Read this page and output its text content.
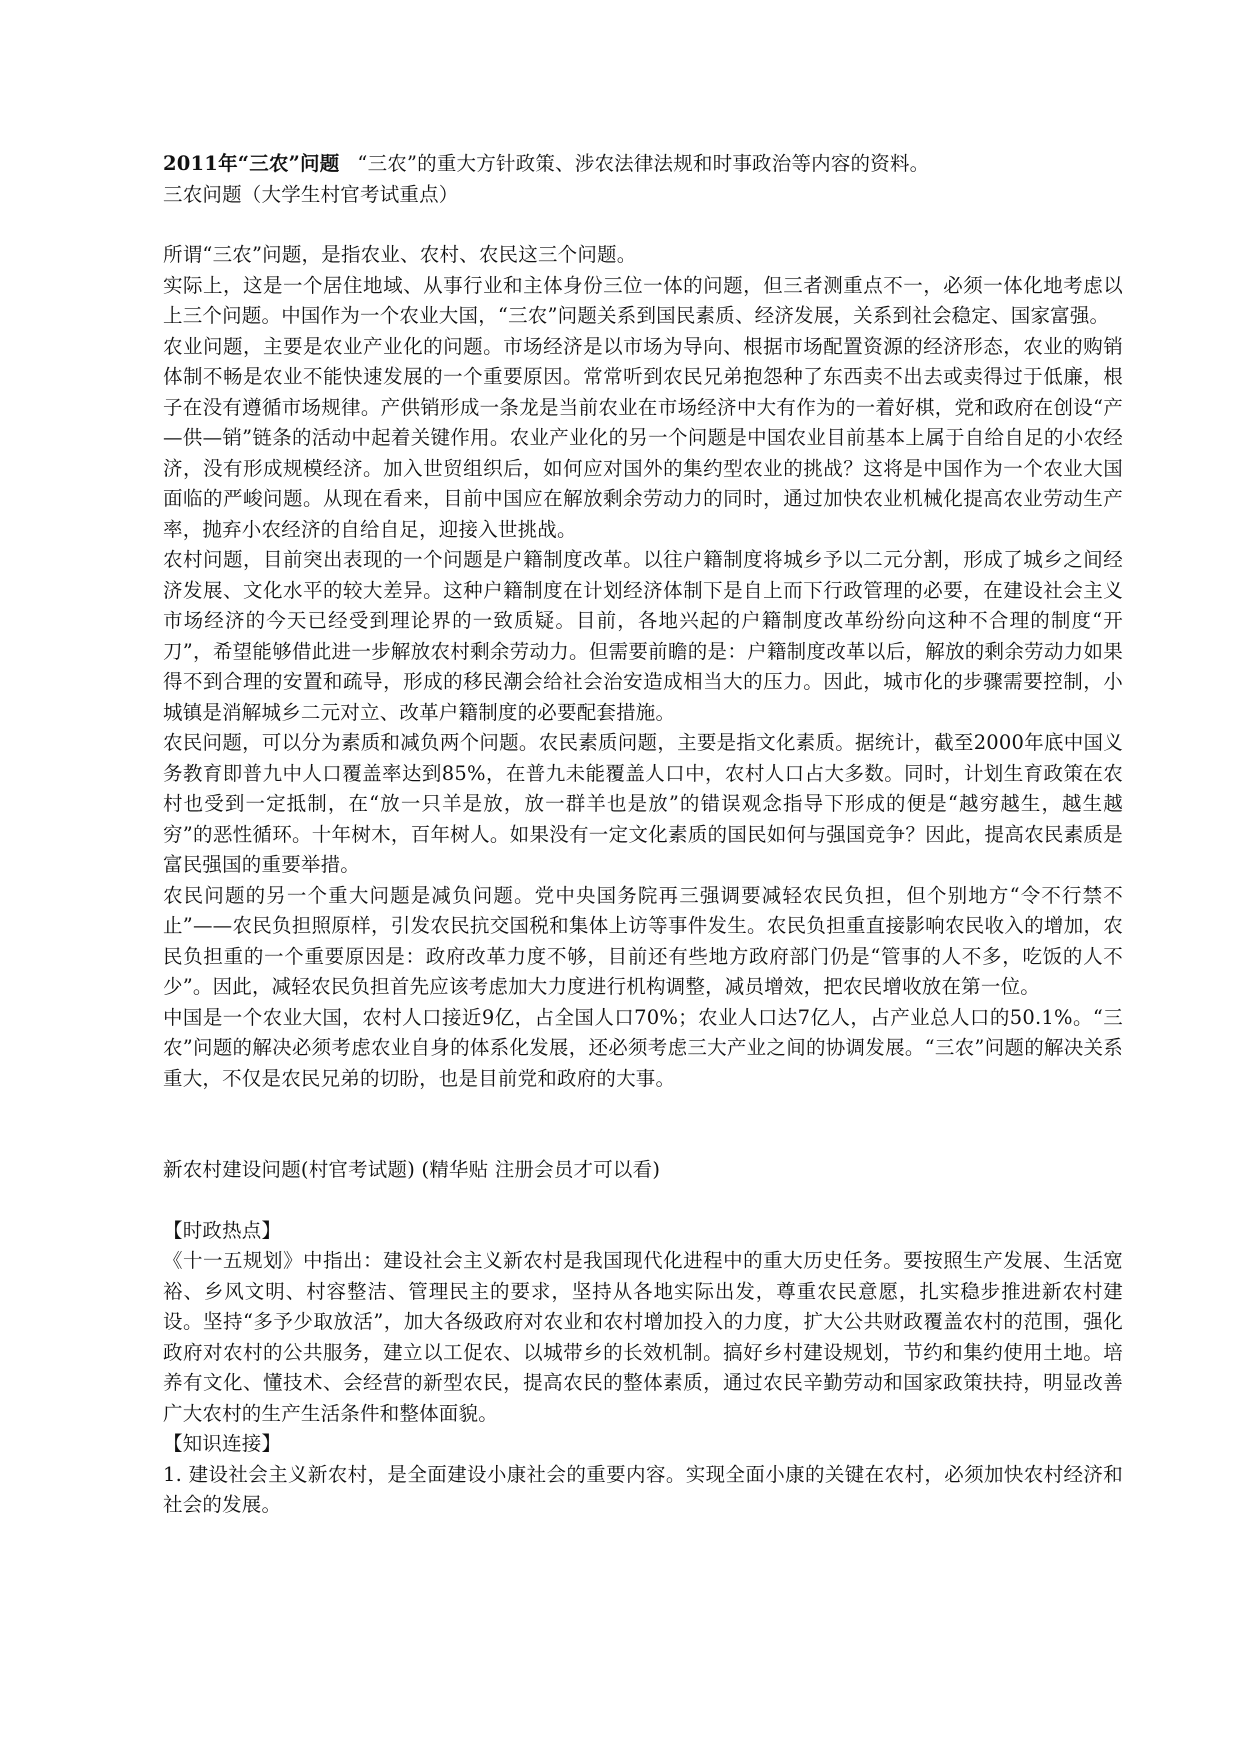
2011年“三农”问题 “三农”的重大方针政策、涉农法律法规和时事政治等内容的资料。

三农问题（大学生村官考试重点）

所谓“三农”问题，是指农业、农村、农民这三个问题。

实际上，这是一个居住地域、从事行业和主体身份三位一体的问题，但三者测重点不一，必须一体化地考虑以上三个问题。中国作为一个农业大国，“三农”问题关系到国民素质、经济发展，关系到社会稳定、国家富强。

农业问题，主要是农业产业化的问题。市场经济是以市场为导向、根据市场配置资源的经济形态，农业的购销体制不畅是农业不能快速发展的一个重要原因。常常听到农民兄弟抱怨种了东西卖不出去或卖得过于低廉，根子在没有遵循市场规律。产供销形成一条龙是当前农业在市场经济中大有作为的一着好棋，党和政府在创设“产—供—销”链条的活动中起着关键作用。农业产业化的另一个问题是中国农业目前基本上属于自给自足的小农经济，没有形成规模经济。加入世贸组织后，如何应对国外的集约型农业的挑战？这将是中国作为一个农业大国面临的严峻问题。从现在看来，目前中国应在解放剩余劳动力的同时，通过加快农业机械化提高农业劳动生产率，抛弃小农经济的自给自足，迎接入世挑战。

农村问题，目前突出表现的一个问题是户籍制度改革。以往户籍制度将城乡予以二元分割，形成了城乡之间经济发展、文化水平的较大差异。这种户籍制度在计划经济体制下是自上而下行政管理的必要，在建设社会主义市场经济的今天已经受到理论界的一致质疑。目前，各地兴起的户籍制度改革纷纷向这种不合理的制度“开刀”，希望能够借此进一步解放农村剩余劳动力。但需要前瞻的是：户籍制度改革以后，解放的剩余劳动力如果得不到合理的安置和疏导，形成的移民潮会给社会治安造成相当大的压力。因此，城市化的步骤需要控制，小城镇是消解城乡二元对立、改革户籍制度的必要配套措施。

农民问题，可以分为素质和减负两个问题。农民素质问题，主要是指文化素质。据统计，截至2000年底中国义务教育即普九中人口覆盖率达到85%，在普九未能覆盖人口中，农村人口占大多数。同时，计划生育政策在农村也受到一定抵制，在“放一只羊是放，放一群羊也是放”的错误观念指导下形成的便是“越穷越生，越生越穷”的恶性循环。十年树木，百年树人。如果没有一定文化素质的国民如何与强国竞争？因此，提高农民素质是富民强国的重要举措。

农民问题的另一个重大问题是减负问题。党中央国务院再三强调要减轻农民负担，但个别地方“令不行禁不止”——农民负担照原样，引发农民抗交国税和集体上访等事件发生。农民负担重直接影响农民收入的增加，农民负担重的一个重要原因是：政府改革力度不够，目前还有些地方政府部门仍是“管事的人不多，吃饭的人不少”。因此，减轻农民负担首先应该考虑加大力度进行机构调整，减员增效，把农民增收放在第一位。

中国是一个农业大国，农村人口接近9亿，占全国人口70%；农业人口达7亿人，占产业总人口的50.1%。“三农”问题的解决必须考虑农业自身的体系化发展，还必须考虑三大产业之间的协调发展。“三农”问题的解决关系重大，不仅是农民兄弟的切盼，也是目前党和政府的大事。

新农村建设问题(村官考试题) (精华贴 注册会员才可以看)

【时政热点】

《十一五规划》中指出：建设社会主义新农村是我国现代化进程中的重大历史任务。要按照生产发展、生活宽裕、乡风文明、村容整洁、管理民主的要求，坚持从各地实际出发，尊重农民意愿，扎实稳步推进新农村建设。坚持“多予少取放活”，加大各级政府对农业和农村增加投入的力度，扩大公共财政覆盖农村的范围，强化政府对农村的公共服务，建立以工促农、以城带乡的长效机制。搞好乡村建设规划，节约和集约使用土地。培养有文化、懂技术、会经营的新型农民，提高农民的整体素质，通过农民辛勤劳动和国家政策扶持，明显改善广大农村的生产生活条件和整体面貌。

【知识连接】

1. 建设社会主义新农村，是全面建设小康社会的重要内容。实现全面小康的关键在农村，必须加快农村经济和社会的发展。
